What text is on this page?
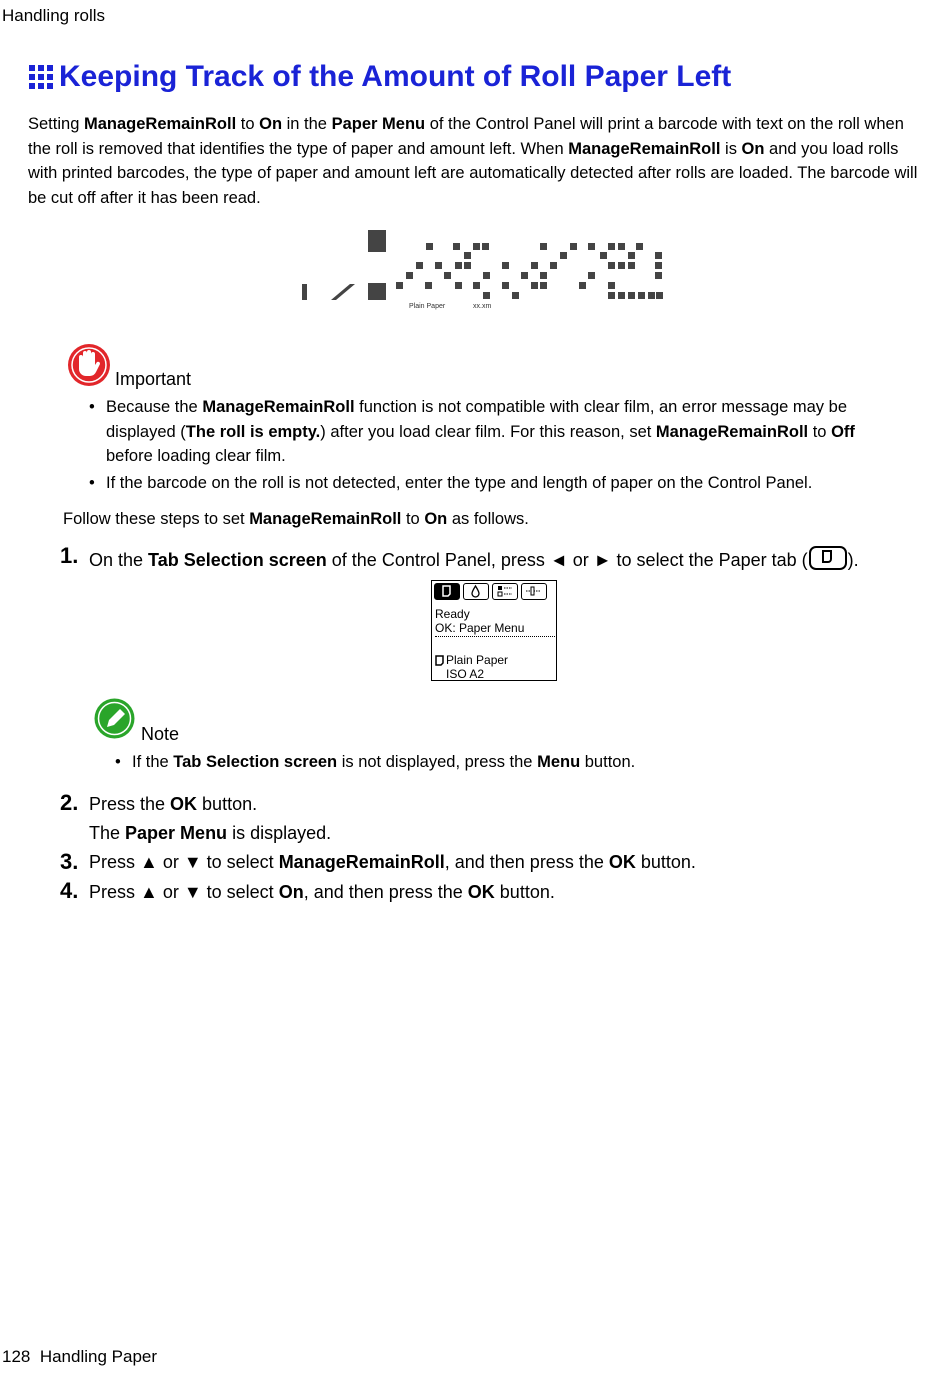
Handling rolls
Keeping Track of the Amount of Roll Paper Left
Setting ManageRemainRoll to On in the Paper Menu of the Control Panel will print a barcode with text on the roll when the roll is removed that identifies the type of paper and amount left. When ManageRemainRoll is On and you load rolls with printed barcodes, the type of paper and amount left are automatically detected after rolls are loaded. The barcode will be cut off after it has been read.
Plain Paper	xx.xm
Important
• Because the ManageRemainRoll function is not compatible with clear film, an error message may be displayed (The roll is empty.) after you load clear film. For this reason, set ManageRemainRoll to Off before loading clear film.
• If the barcode on the roll is not detected, enter the type and length of paper on the Control Panel.
Follow these steps to set ManageRemainRoll to On as follows.
1. On the Tab Selection screen of the Control Panel, press ◄ or ► to select the Paper tab ( ).
Ready
OK: Paper Menu
Plain Paper
ISO A2
Note
• If the Tab Selection screen is not displayed, press the Menu button.
2. Press the OK button.
The Paper Menu is displayed.
3. Press ▲ or ▼ to select ManageRemainRoll, and then press the OK button.
4. Press ▲ or ▼ to select On, and then press the OK button.
128 Handling Paper
